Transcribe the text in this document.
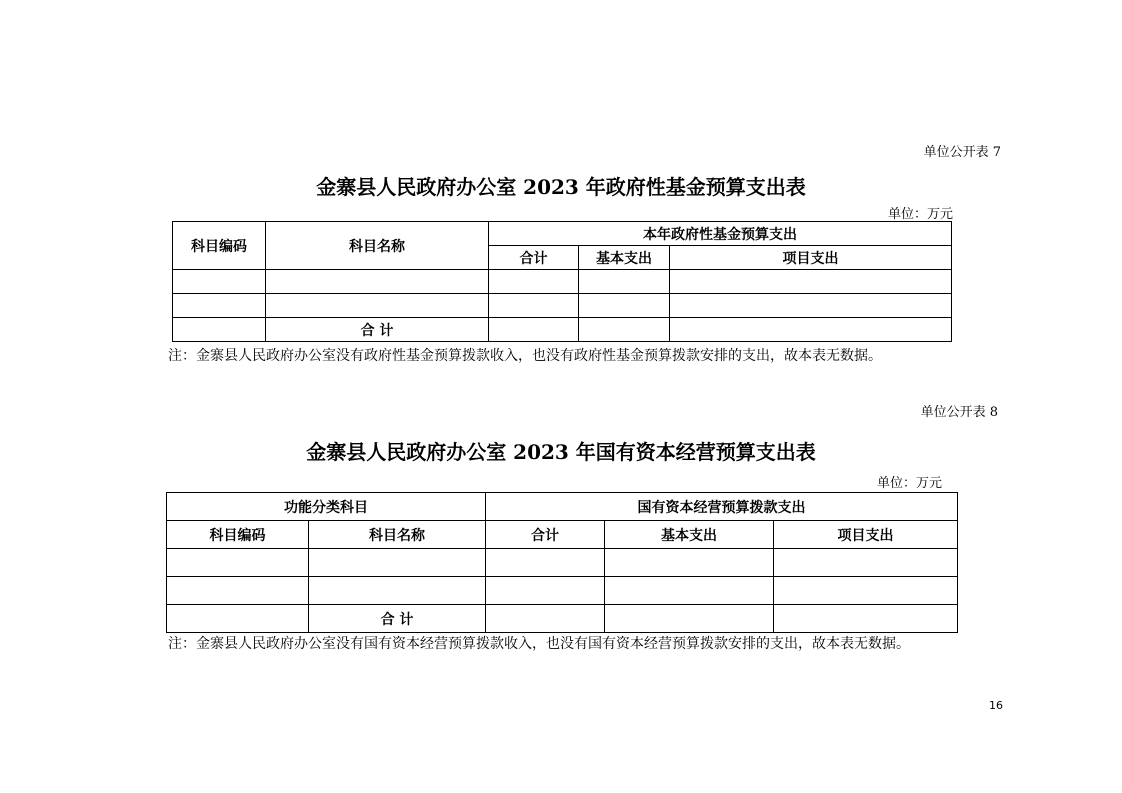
单位公开表 7
金寨县人民政府办公室 2023 年政府性基金预算支出表
单位：万元
科目编码	科目名称	本年政府性基金预算支出		
		合计	基本支出	项目支出

	合 计			
注：金寨县人民政府办公室没有政府性基金预算拨款收入，也没有政府性基金预算拨款安排的支出，故本表无数据。
单位公开表 8
金寨县人民政府办公室 2023 年国有资本经营预算支出表
单位：万元
功能分类科目		国有资本经营预算拨款支出		
科目编码	科目名称	合计	基本支出	项目支出

	合 计			
注：金寨县人民政府办公室没有国有资本经营预算拨款收入，也没有国有资本经营预算拨款安排的支出，故本表无数据。
16
